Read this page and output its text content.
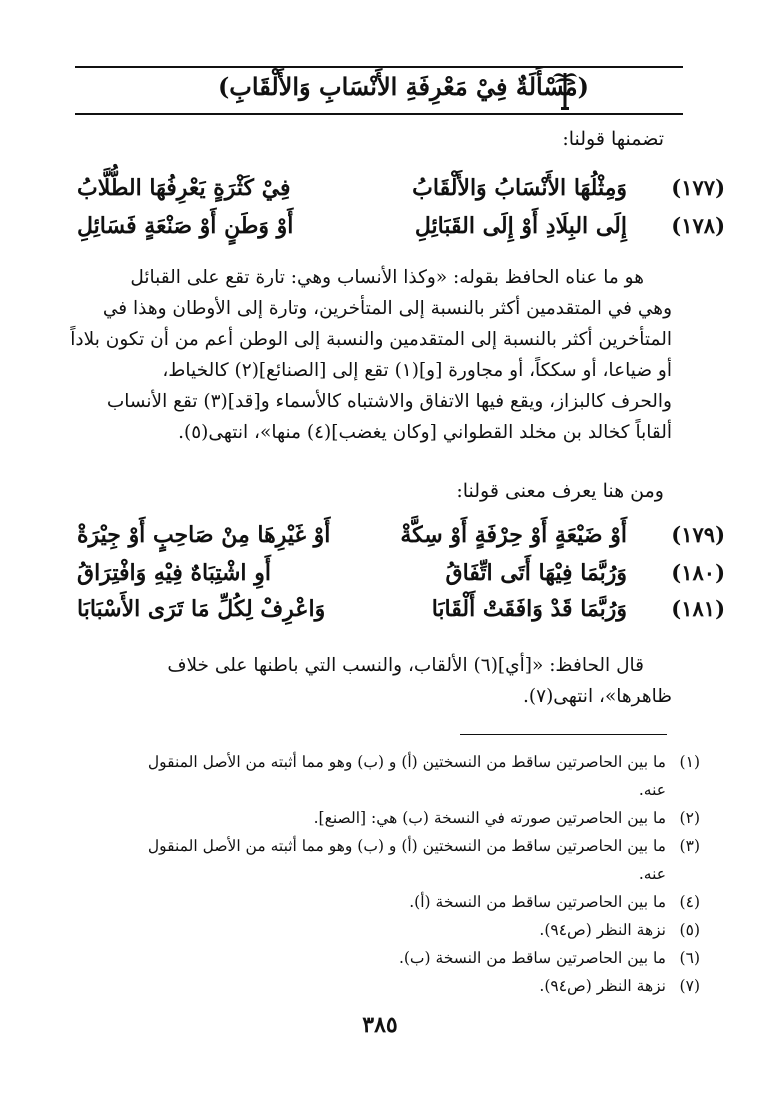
(مَسْأَلَةٌ فِيْ مَعْرِفَةِ الأَنْسَابِ وَالأَلْقَابِ)
تضمنها قولنا:
(١٧٧)
وَمِثْلُهَا الأَنْسَابُ وَالأَلْقَابُ
فِيْ كَثْرَةٍ يَعْرِفُهَا الطُّلَّابُ
(١٧٨)
إِلَى البِلَادِ أَوْ إِلَى القَبَائِلِ
أَوْ وَطَنٍ أَوْ صَنْعَةٍ فَسَائِلِ
هو ما عناه الحافظ بقوله: «وكذا الأنساب وهي: تارة تقع على القبائل
وهي في المتقدمين أكثر بالنسبة إلى المتأخرين، وتارة إلى الأوطان وهذا في
المتأخرين أكثر بالنسبة إلى المتقدمين والنسبة إلى الوطن أعم من أن تكون بلاداً
أو ضياعا، أو سككاً، أو مجاورة [و](١) تقع إلى [الصنائع](٢) كالخياط،
والحرف كالبزاز، ويقع فيها الاتفاق والاشتباه كالأسماء و[قد](٣) تقع الأنساب
ألقاباً كخالد بن مخلد القطواني [وكان يغضب](٤) منها»، انتهى(٥).
ومن هنا يعرف معنى قولنا:
(١٧٩)
أَوْ ضَيْعَةٍ أَوْ حِرْفَةٍ أَوْ سِكَّةْ
أَوْ غَيْرِهَا مِنْ صَاحِبٍ أَوْ جِيْرَةْ
(١٨٠)
وَرُبَّمَا فِيْهَا أَتَى اتِّفَاقُ
أَوِ اشْتِبَاهٌ فِيْهِ وَافْتِرَاقُ
(١٨١)
وَرُبَّمَا قَدْ وَافَقَتْ أَلْقَابَا
وَاعْرِفْ لِكُلِّ مَا تَرَى الأَسْبَابَا
قال الحافظ: «[أي](٦) الألقاب، والنسب التي باطنها على خلاف
ظاهرها»، انتهى(٧).
(١)ما بين الحاصرتين ساقط من النسختين (أ) و (ب) وهو مما أثبته من الأصل المنقول
عنه.
(٢)ما بين الحاصرتين صورته في النسخة (ب) هي: [الصنع].
(٣)ما بين الحاصرتين ساقط من النسختين (أ) و (ب) وهو مما أثبته من الأصل المنقول
عنه.
(٤)ما بين الحاصرتين ساقط من النسخة (أ).
(٥)نزهة النظر (ص٩٤).
(٦)ما بين الحاصرتين ساقط من النسخة (ب).
(٧)نزهة النظر (ص٩٤).
٣٨٥
